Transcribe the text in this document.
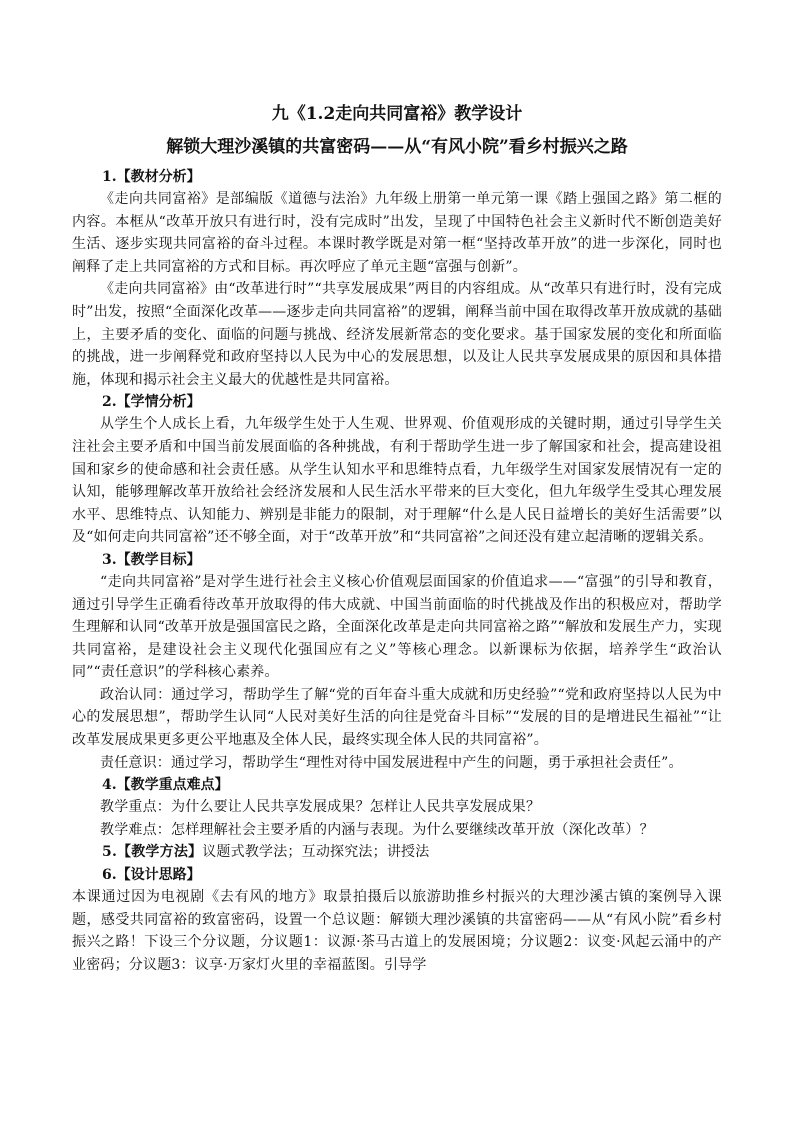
九《1.2走向共同富裕》教学设计

解锁大理沙溪镇的共富密码——从“有风小院”看乡村振兴之路

1.【教材分析】

《走向共同富裕》是部编版《道德与法治》九年级上册第一单元第一课《踏上强国之路》第二框的内容。本框从“改革开放只有进行时，没有完成时”出发，呈现了中国特色社会主义新时代不断创造美好生活、逐步实现共同富裕的奋斗过程。本课时教学既是对第一框“坚持改革开放”的进一步深化，同时也阐释了走上共同富裕的方式和目标。再次呼应了单元主题“富强与创新”。

《走向共同富裕》由“改革进行时”“共享发展成果”两目的内容组成。从“改革只有进行时，没有完成时”出发，按照“全面深化改革——逐步走向共同富裕”的逻辑，阐释当前中国在取得改革开放成就的基础上，主要矛盾的变化、面临的问题与挑战、经济发展新常态的变化要求。基于国家发展的变化和所面临的挑战，进一步阐释党和政府坚持以人民为中心的发展思想，以及让人民共享发展成果的原因和具体措施，体现和揭示社会主义最大的优越性是共同富裕。

2.【学情分析】

从学生个人成长上看，九年级学生处于人生观、世界观、价值观形成的关键时期，通过引导学生关注社会主要矛盾和中国当前发展面临的各种挑战，有利于帮助学生进一步了解国家和社会，提高建设祖国和家乡的使命感和社会责任感。从学生认知水平和思维特点看，九年级学生对国家发展情况有一定的认知，能够理解改革开放给社会经济发展和人民生活水平带来的巨大变化，但九年级学生受其心理发展水平、思维特点、认知能力、辨别是非能力的限制，对于理解“什么是人民日益增长的美好生活需要”以及“如何走向共同富裕”还不够全面，对于“改革开放”和“共同富裕”之间还没有建立起清晰的逻辑关系。

3.【教学目标】

“走向共同富裕”是对学生进行社会主义核心价值观层面国家的价值追求——“富强”的引导和教育，通过引导学生正确看待改革开放取得的伟大成就、中国当前面临的时代挑战及作出的积极应对，帮助学生理解和认同“改革开放是强国富民之路，全面深化改革是走向共同富裕之路”“解放和发展生产力，实现共同富裕，是建设社会主义现代化强国应有之义”等核心理念。以新课标为依据，培养学生“政治认同”“责任意识”的学科核心素养。

政治认同：通过学习，帮助学生了解“党的百年奋斗重大成就和历史经验”“党和政府坚持以人民为中心的发展思想”，帮助学生认同“人民对美好生活的向往是党奋斗目标”“发展的目的是增进民生福祉”“让改革发展成果更多更公平地惠及全体人民，最终实现全体人民的共同富裕”。

责任意识：通过学习，帮助学生“理性对待中国发展进程中产生的问题，勇于承担社会责任”。

4.【教学重点难点】

教学重点：为什么要让人民共享发展成果？怎样让人民共享发展成果？

教学难点：怎样理解社会主要矛盾的内涵与表现。为什么要继续改革开放（深化改革）？

5.【教学方法】议题式教学法；互动探究法；讲授法

6.【设计思路】

本课通过因为电视剧《去有风的地方》取景拍摄后以旅游助推乡村振兴的大理沙溪古镇的案例导入课题，感受共同富裕的致富密码，设置一个总议题：解锁大理沙溪镇的共富密码——从“有风小院”看乡村振兴之路！下设三个分议题，分议题1：议源·茶马古道上的发展困境；分议题2：议变·风起云涌中的产业密码；分议题3：议享·万家灯火里的幸福蓝图。引导学
